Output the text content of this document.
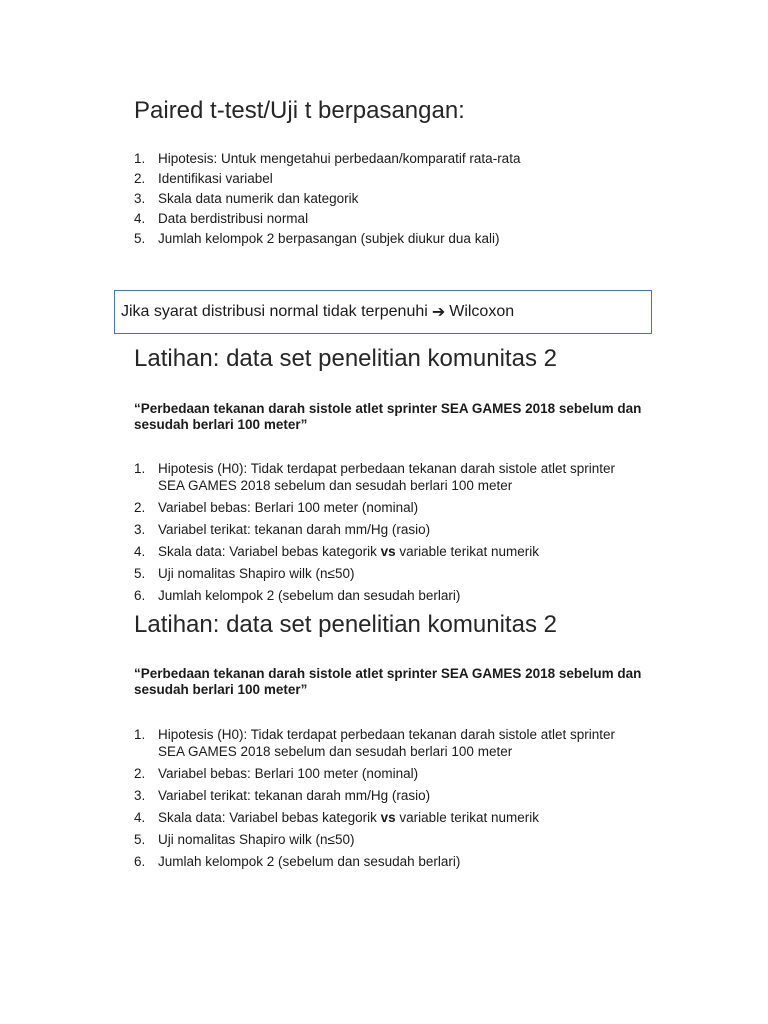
Paired t-test/Uji t berpasangan:
1. Hipotesis: Untuk mengetahui perbedaan/komparatif rata-rata
2. Identifikasi variabel
3. Skala data numerik dan kategorik
4. Data berdistribusi normal
5. Jumlah kelompok 2 berpasangan (subjek diukur dua kali)
Jika syarat distribusi normal tidak terpenuhi ➔ Wilcoxon
Latihan: data set penelitian komunitas 2

“Perbedaan tekanan darah sistole atlet sprinter SEA GAMES 2018 sebelum dan sesudah berlari 100 meter”

1. Hipotesis (H0): Tidak terdapat perbedaan tekanan darah sistole atlet sprinter SEA GAMES 2018 sebelum dan sesudah berlari 100 meter
2. Variabel bebas: Berlari 100 meter (nominal)
3. Variabel terikat: tekanan darah mm/Hg (rasio)
4. Skala data: Variabel bebas kategorik vs variable terikat numerik
5. Uji nomalitas Shapiro wilk (n≤50)
6. Jumlah kelompok 2 (sebelum dan sesudah berlari)
Latihan: data set penelitian komunitas 2

“Perbedaan tekanan darah sistole atlet sprinter SEA GAMES 2018 sebelum dan sesudah berlari 100 meter”

1. Hipotesis (H0): Tidak terdapat perbedaan tekanan darah sistole atlet sprinter SEA GAMES 2018 sebelum dan sesudah berlari 100 meter
2. Variabel bebas: Berlari 100 meter (nominal)
3. Variabel terikat: tekanan darah mm/Hg (rasio)
4. Skala data: Variabel bebas kategorik vs variable terikat numerik
5. Uji nomalitas Shapiro wilk (n≤50)
6. Jumlah kelompok 2 (sebelum dan sesudah berlari)
